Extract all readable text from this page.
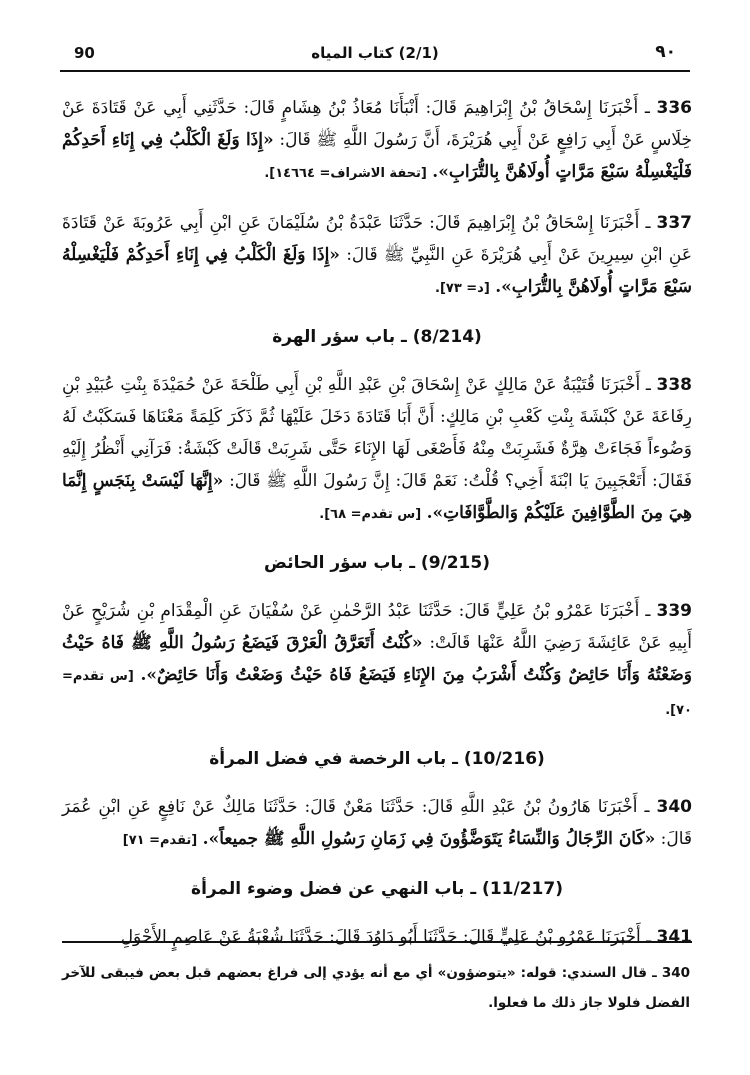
90	(2/1) كتاب المياه	٩٠

336 ـ أَخْبَرَنَا إِسْحَاقُ بْنُ إِبْرَاهِيمَ قَالَ: أَنْبَأَنَا مُعَاذُ بْنُ هِشَامٍ قَالَ: حَدَّثَنِي أَبِي عَنْ قَتَادَةَ عَنْ خِلَاسٍ عَنْ أَبِي رَافِعٍ عَنْ أَبِي هُرَيْرَةَ، أَنَّ رَسُولَ اللَّهِ ﷺ قَالَ: «إِذَا وَلَغَ الْكَلْبُ فِي إِنَاءِ أَحَدِكُمْ فَلْيَغْسِلْهُ سَبْعَ مَرَّاتٍ أُولَاهُنَّ بِالتُّرَابِ». [تحفة الاشراف= ١٤٦٦٤].

337 ـ أَخْبَرَنَا إِسْحَاقُ بْنُ إِبْرَاهِيمَ قَالَ: حَدَّثَنَا عَبْدَةُ بْنُ سُلَيْمَانَ عَنِ ابْنِ أَبِي عَرُوبَةَ عَنْ قَتَادَةَ عَنِ ابْنِ سِيرِينَ عَنْ أَبِي هُرَيْرَةَ عَنِ النَّبِيِّ ﷺ قَالَ: «إِذَا وَلَغَ الْكَلْبُ فِي إِنَاءِ أَحَدِكُمْ فَلْيَغْسِلْهُ سَبْعَ مَرَّاتٍ أُولَاهُنَّ بِالتُّرَابِ». [د= ٧٣].

(8/214) ـ باب سؤر الهرة

338 ـ أَخْبَرَنَا قُتَيْبَةُ عَنْ مَالِكٍ عَنْ إِسْحَاقَ بْنِ عَبْدِ اللَّهِ بْنِ أَبِي طَلْحَةَ عَنْ حُمَيْدَةَ بِنْتِ عُبَيْدِ بْنِ رِفَاعَةَ عَنْ كَبْشَةَ بِنْتِ كَعْبِ بْنِ مَالِكٍ: أَنَّ أَبَا قَتَادَةَ دَخَلَ عَلَيْهَا ثُمَّ ذَكَرَ كَلِمَةً مَعْنَاهَا فَسَكَبْتُ لَهُ وَضُوءاً فَجَاءَتْ هِرَّةٌ فَشَرِبَتْ مِنْهُ فَأَصْغَى لَهَا الإِنَاءَ حَتَّى شَرِبَتْ قَالَتْ كَبْشَةُ: فَرَآنِي أَنْظُرُ إِلَيْهِ فَقَالَ: أَتَعْجَبِينَ يَا ابْنَةَ أَخِي؟ قُلْتُ: نَعَمْ قَالَ: إِنَّ رَسُولَ اللَّهِ ﷺ قَالَ: «إِنَّهَا لَيْسَتْ بِنَجَسٍ إِنَّمَا هِيَ مِنَ الطَّوَّافِينَ عَلَيْكُمْ وَالطَّوَّافَاتِ». [س تقدم= ٦٨].

(9/215) ـ باب سؤر الحائض

339 ـ أَخْبَرَنَا عَمْرُو بْنُ عَلِيٍّ قَالَ: حَدَّثَنَا عَبْدُ الرَّحْمٰنِ عَنْ سُفْيَانَ عَنِ الْمِقْدَامِ بْنِ شُرَيْحٍ عَنْ أَبِيهِ عَنْ عَائِشَةَ رَضِيَ اللَّهُ عَنْهَا قَالَتْ: «كُنْتُ أَتَعَرَّقُ الْعَرْقَ فَيَضَعُ رَسُولُ اللَّهِ ﷺ فَاهُ حَيْثُ وَضَعْتُهُ وَأَنَا حَائِضٌ وَكُنْتُ أَشْرَبُ مِنَ الإِنَاءِ فَيَضَعُ فَاهُ حَيْثُ وَضَعْتُ وَأَنَا حَائِضٌ». [س تقدم= ٧٠].

(10/216) ـ باب الرخصة في فضل المرأة

340 ـ أَخْبَرَنَا هَارُونُ بْنُ عَبْدِ اللَّهِ قَالَ: حَدَّثَنَا مَعْنٌ قَالَ: حَدَّثَنَا مَالِكٌ عَنْ نَافِعٍ عَنِ ابْنِ عُمَرَ قَالَ: «كَانَ الرِّجَالُ وَالنِّسَاءُ يَتَوَضَّؤُونَ فِي زَمَانِ رَسُولِ اللَّهِ ﷺ جميعاً». [تقدم= ٧١]

(11/217) ـ باب النهي عن فضل وضوء المرأة

341 ـ أَخْبَرَنَا عَمْرُو بْنُ عَلِيٍّ قَالَ: حَدَّثَنَا أَبُو دَاوُدَ قَالَ: حَدَّثَنَا شُعْبَةُ عَنْ عَاصِمٍ الأَحْوَلِ

340 ـ قال السندي: قوله: «يتوضؤون» أي مع أنه يؤدي إلى فراغ بعضهم قبل بعض فيبقى للآخر الفضل فلولا جاز ذلك ما فعلوا.
